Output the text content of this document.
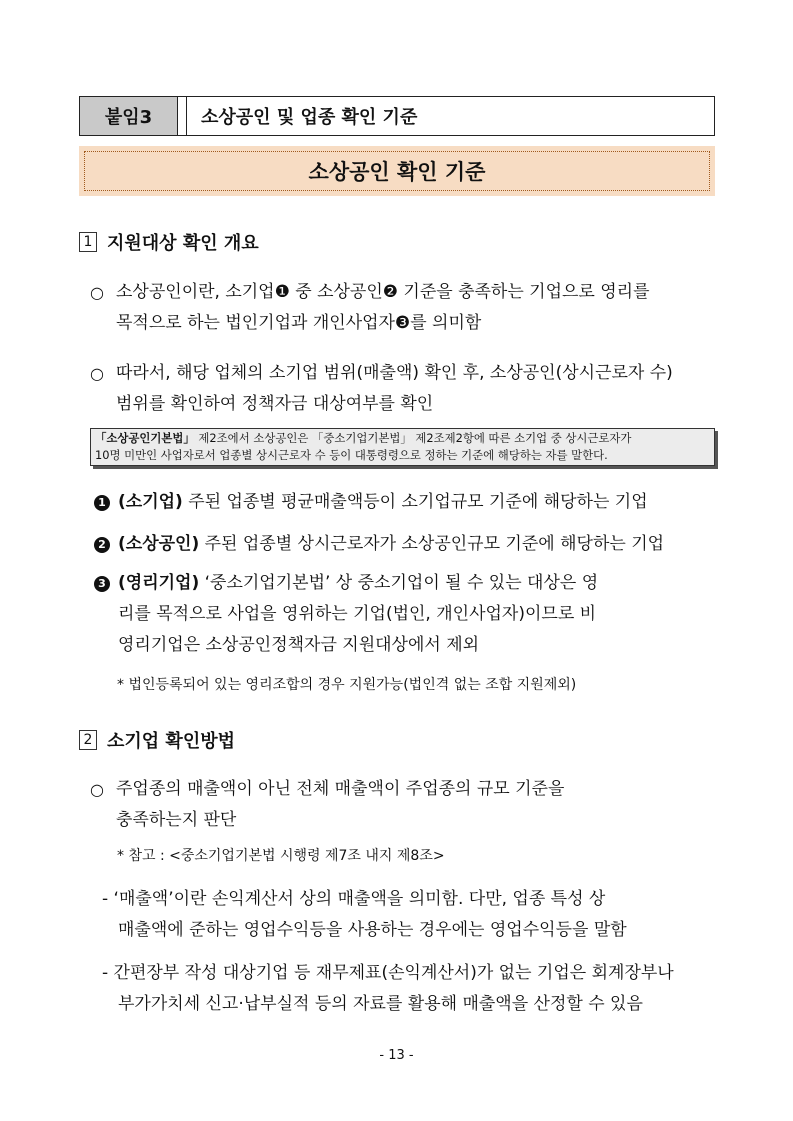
붙임3	소상공인 및 업종 확인 기준
소상공인 확인 기준
1 지원대상 확인 개요
○ 소상공인이란, 소기업❶ 중 소상공인❷ 기준을 충족하는 기업으로 영리를
목적으로 하는 법인기업과 개인사업자❸를 의미함
○ 따라서, 해당 업체의 소기업 범위(매출액) 확인 후, 소상공인(상시근로자 수)
범위를 확인하여 정책자금 대상여부를 확인
「소상공인기본법」 제2조에서 소상공인은 「중소기업기본법」 제2조제2항에 따른 소기업 중 상시근로자가
10명 미만인 사업자로서 업종별 상시근로자 수 등이 대통령령으로 정하는 기준에 해당하는 자를 말한다.
1 (소기업) 주된 업종별 평균매출액등이 소기업규모 기준에 해당하는 기업
2 (소상공인) 주된 업종별 상시근로자가 소상공인규모 기준에 해당하는 기업
3 (영리기업) ‘중소기업기본법’ 상 중소기업이 될 수 있는 대상은 영
리를 목적으로 사업을 영위하는 기업(법인, 개인사업자)이므로 비
영리기업은 소상공인정책자금 지원대상에서 제외
* 법인등록되어 있는 영리조합의 경우 지원가능(법인격 없는 조합 지원제외)
2 소기업 확인방법
○ 주업종의 매출액이 아닌 전체 매출액이 주업종의 규모 기준을
충족하는지 판단
* 참고 : <중소기업기본법 시행령 제7조 내지 제8조>
- ‘매출액’이란 손익계산서 상의 매출액을 의미함. 다만, 업종 특성 상
매출액에 준하는 영업수익등을 사용하는 경우에는 영업수익등을 말함
- 간편장부 작성 대상기업 등 재무제표(손익계산서)가 없는 기업은 회계장부나
부가가치세 신고·납부실적 등의 자료를 활용해 매출액을 산정할 수 있음
- 13 -
